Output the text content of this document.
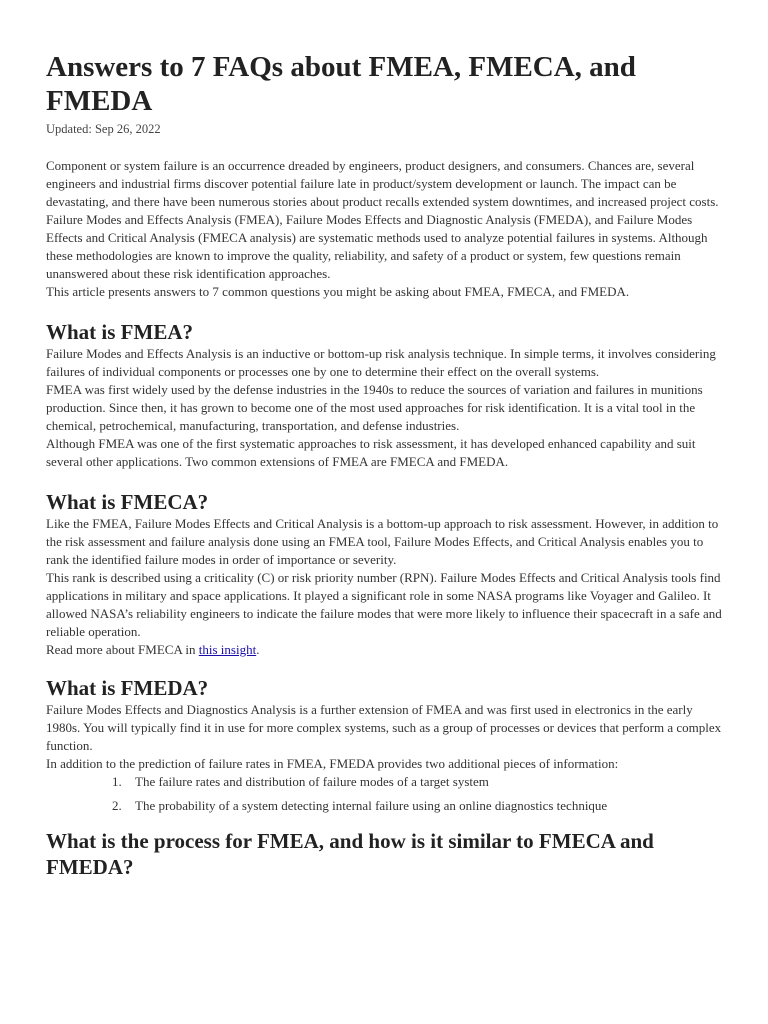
Answers to 7 FAQs about FMEA, FMECA, and FMEDA
Updated: Sep 26, 2022

Component or system failure is an occurrence dreaded by engineers, product designers, and consumers. Chances are, several engineers and industrial firms discover potential failure late in product/system development or launch. The impact can be devastating, and there have been numerous stories about product recalls extended system downtimes, and increased project costs.

Failure Modes and Effects Analysis (FMEA), Failure Modes Effects and Diagnostic Analysis (FMEDA), and Failure Modes Effects and Critical Analysis (FMECA analysis) are systematic methods used to analyze potential failures in systems. Although these methodologies are known to improve the quality, reliability, and safety of a product or system, few questions remain unanswered about these risk identification approaches.

This article presents answers to 7 common questions you might be asking about FMEA, FMECA, and FMEDA.

What is FMEA?

Failure Modes and Effects Analysis is an inductive or bottom-up risk analysis technique. In simple terms, it involves considering failures of individual components or processes one by one to determine their effect on the overall systems.

FMEA was first widely used by the defense industries in the 1940s to reduce the sources of variation and failures in munitions production. Since then, it has grown to become one of the most used approaches for risk identification. It is a vital tool in the chemical, petrochemical, manufacturing, transportation, and defense industries.

Although FMEA was one of the first systematic approaches to risk assessment, it has developed enhanced capability and suit several other applications. Two common extensions of FMEA are FMECA and FMEDA.

What is FMECA?

Like the FMEA, Failure Modes Effects and Critical Analysis is a bottom-up approach to risk assessment. However, in addition to the risk assessment and failure analysis done using an FMEA tool, Failure Modes Effects, and Critical Analysis enables you to rank the identified failure modes in order of importance or severity.

This rank is described using a criticality (C) or risk priority number (RPN). Failure Modes Effects and Critical Analysis tools find applications in military and space applications. It played a significant role in some NASA programs like Voyager and Galileo. It allowed NASA’s reliability engineers to indicate the failure modes that were more likely to influence their spacecraft in a safe and reliable operation.

Read more about FMECA in this insight.

What is FMEDA?

Failure Modes Effects and Diagnostics Analysis is a further extension of FMEA and was first used in electronics in the early 1980s. You will typically find it in use for more complex systems, such as a group of processes or devices that perform a complex function.

In addition to the prediction of failure rates in FMEA, FMEDA provides two additional pieces of information:

1. The failure rates and distribution of failure modes of a target system
2. The probability of a system detecting internal failure using an online diagnostics technique
What is the process for FMEA, and how is it similar to FMECA and FMEDA?
